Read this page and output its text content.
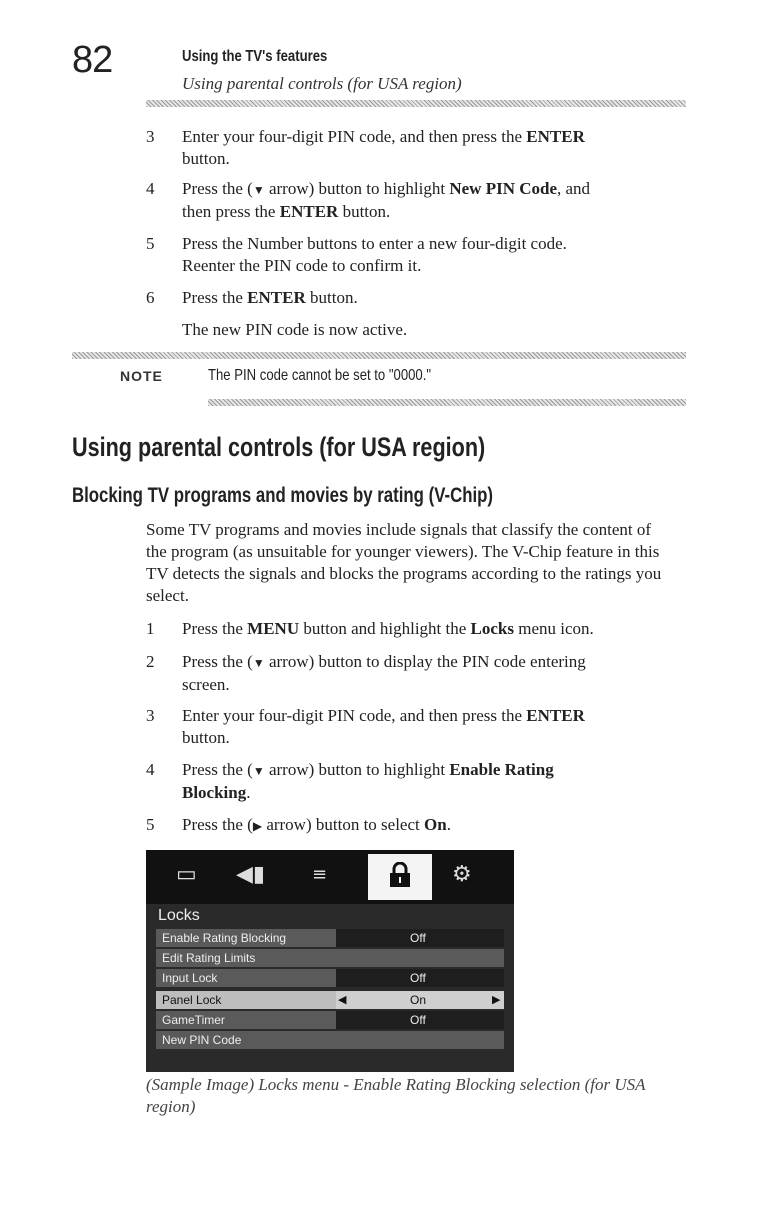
82	Using the TV's features
Using parental controls (for USA region)
3	Enter your four-digit PIN code, and then press the ENTER
button.
4	Press the (▼ arrow) button to highlight New PIN Code, and
then press the ENTER button.
5	Press the Number buttons to enter a new four-digit code.
Reenter the PIN code to confirm it.
6	Press the ENTER button.
The new PIN code is now active.
NOTE	The PIN code cannot be set to "0000."
Using parental controls (for USA region)
Blocking TV programs and movies by rating (V-Chip)
Some TV programs and movies include signals that classify the content of the program (as unsuitable for younger viewers). The V-Chip feature in this TV detects the signals and blocks the programs according to the ratings you select.
1	Press the MENU button and highlight the Locks menu icon.
2	Press the (▼ arrow) button to display the PIN code entering
screen.
3	Enter your four-digit PIN code, and then press the ENTER
button.
4	Press the (▼ arrow) button to highlight Enable Rating
Blocking.
5	Press the (▶ arrow) button to select On.
▭ ◀▮	≡	⚙
Locks
Enable Rating Blocking	Off
Edit Rating Limits
Input Lock	Off
Panel Lock	◀	On	▶
GameTimer	Off
New PIN Code
(Sample Image) Locks menu - Enable Rating Blocking selection (for USA region)
